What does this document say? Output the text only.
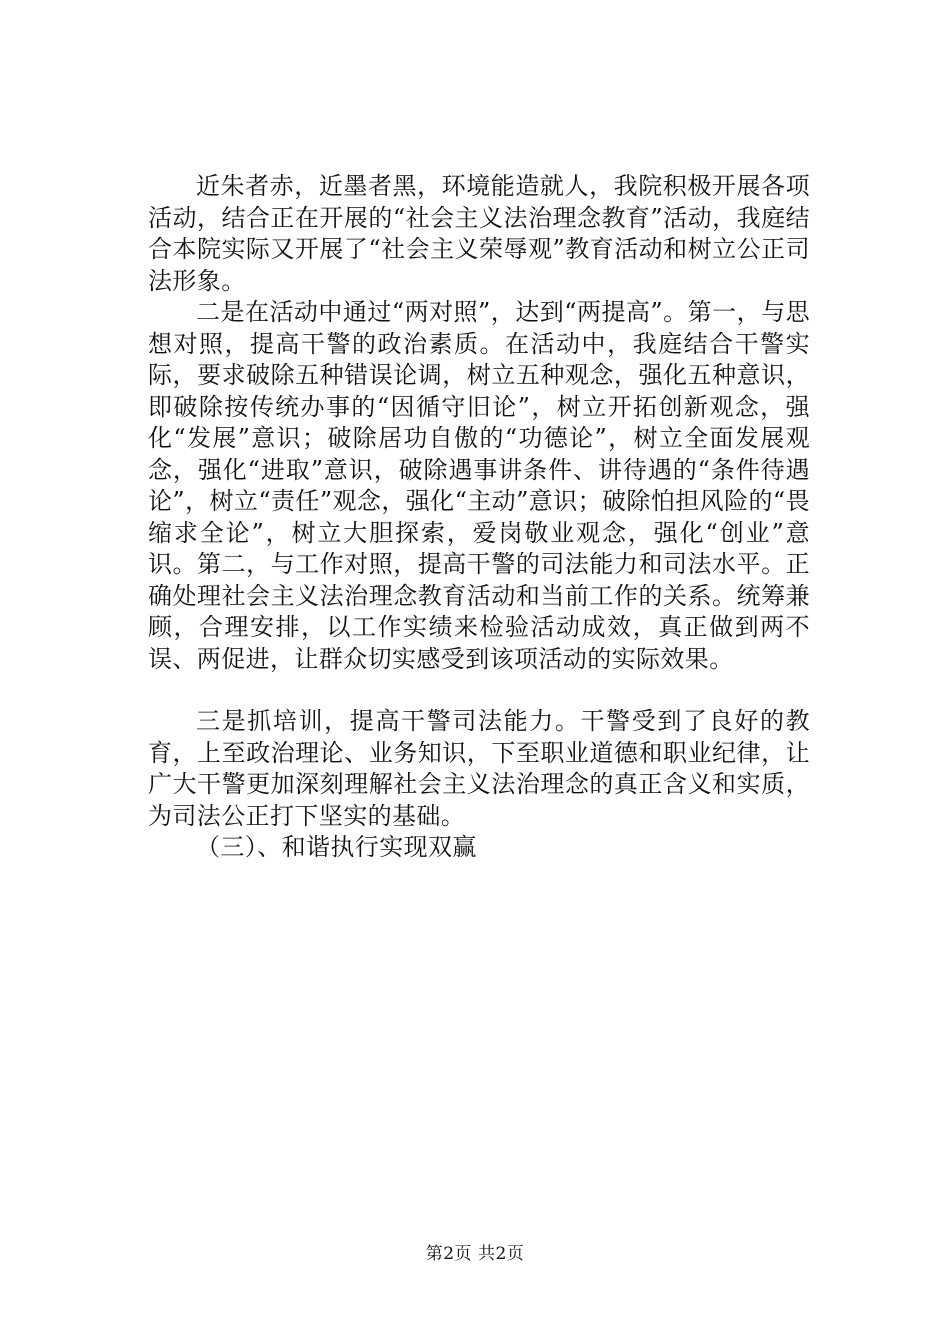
近朱者赤，近墨者黑，环境能造就人，我院积极开展各项活动，结合正在开展的“社会主义法治理念教育”活动，我庭结合本院实际又开展了“社会主义荣辱观”教育活动和树立公正司法形象。

二是在活动中通过“两对照”，达到“两提高”。第一，与思想对照，提高干警的政治素质。在活动中，我庭结合干警实际，要求破除五种错误论调，树立五种观念，强化五种意识，即破除按传统办事的“因循守旧论”，树立开拓创新观念，强化“发展”意识；破除居功自傲的“功德论”，树立全面发展观念，强化“进取”意识，破除遇事讲条件、讲待遇的“条件待遇论”，树立“责任”观念，强化“主动”意识；破除怕担风险的“畏缩求全论”，树立大胆探索，爱岗敬业观念，强化“创业”意识。第二，与工作对照，提高干警的司法能力和司法水平。正确处理社会主义法治理念教育活动和当前工作的关系。统筹兼顾，合理安排，以工作实绩来检验活动成效，真正做到两不误、两促进，让群众切实感受到该项活动的实际效果。

三是抓培训，提高干警司法能力。干警受到了良好的教育，上至政治理论、业务知识，下至职业道德和职业纪律，让广大干警更加深刻理解社会主义法治理念的真正含义和实质，为司法公正打下坚实的基础。

（三）、和谐执行实现双赢

第2页 共2页
